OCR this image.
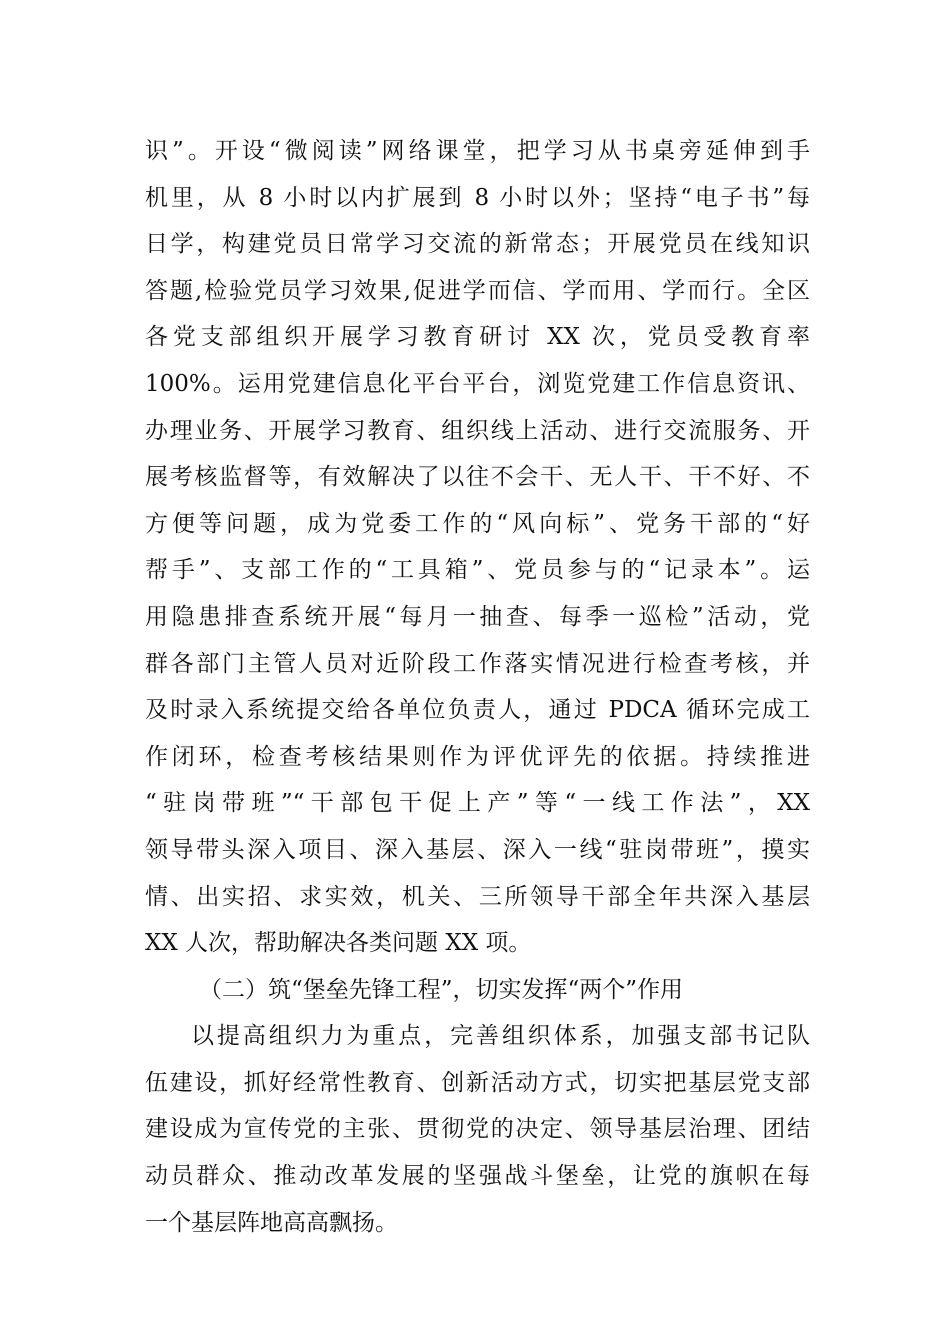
识”。开设“微阅读”网络课堂，把学习从书桌旁延伸到手
机里，从 8 小时以内扩展到 8 小时以外；坚持“电子书”每
日学，构建党员日常学习交流的新常态；开展党员在线知识
答题,检验党员学习效果,促进学而信、学而用、学而行。全区
各党支部组织开展学习教育研讨 XX 次，党员受教育率
100%。运用党建信息化平台平台，浏览党建工作信息资讯、
办理业务、开展学习教育、组织线上活动、进行交流服务、开
展考核监督等，有效解决了以往不会干、无人干、干不好、不
方便等问题，成为党委工作的“风向标”、党务干部的“好
帮手”、支部工作的“工具箱”、党员参与的“记录本”。运
用隐患排查系统开展“每月一抽查、每季一巡检”活动，党
群各部门主管人员对近阶段工作落实情况进行检查考核，并
及时录入系统提交给各单位负责人，通过 PDCA 循环完成工
作闭环，检查考核结果则作为评优评先的依据。持续推进
“驻岗带班”“干部包干促上产”等“一线工作法”，XX
领导带头深入项目、深入基层、深入一线“驻岗带班”，摸实
情、出实招、求实效，机关、三所领导干部全年共深入基层
XX 人次，帮助解决各类问题 XX 项。
（二）筑“堡垒先锋工程”，切实发挥“两个”作用
以提高组织力为重点，完善组织体系，加强支部书记队
伍建设，抓好经常性教育、创新活动方式，切实把基层党支部
建设成为宣传党的主张、贯彻党的决定、领导基层治理、团结
动员群众、推动改革发展的坚强战斗堡垒，让党的旗帜在每
一个基层阵地高高飘扬。
